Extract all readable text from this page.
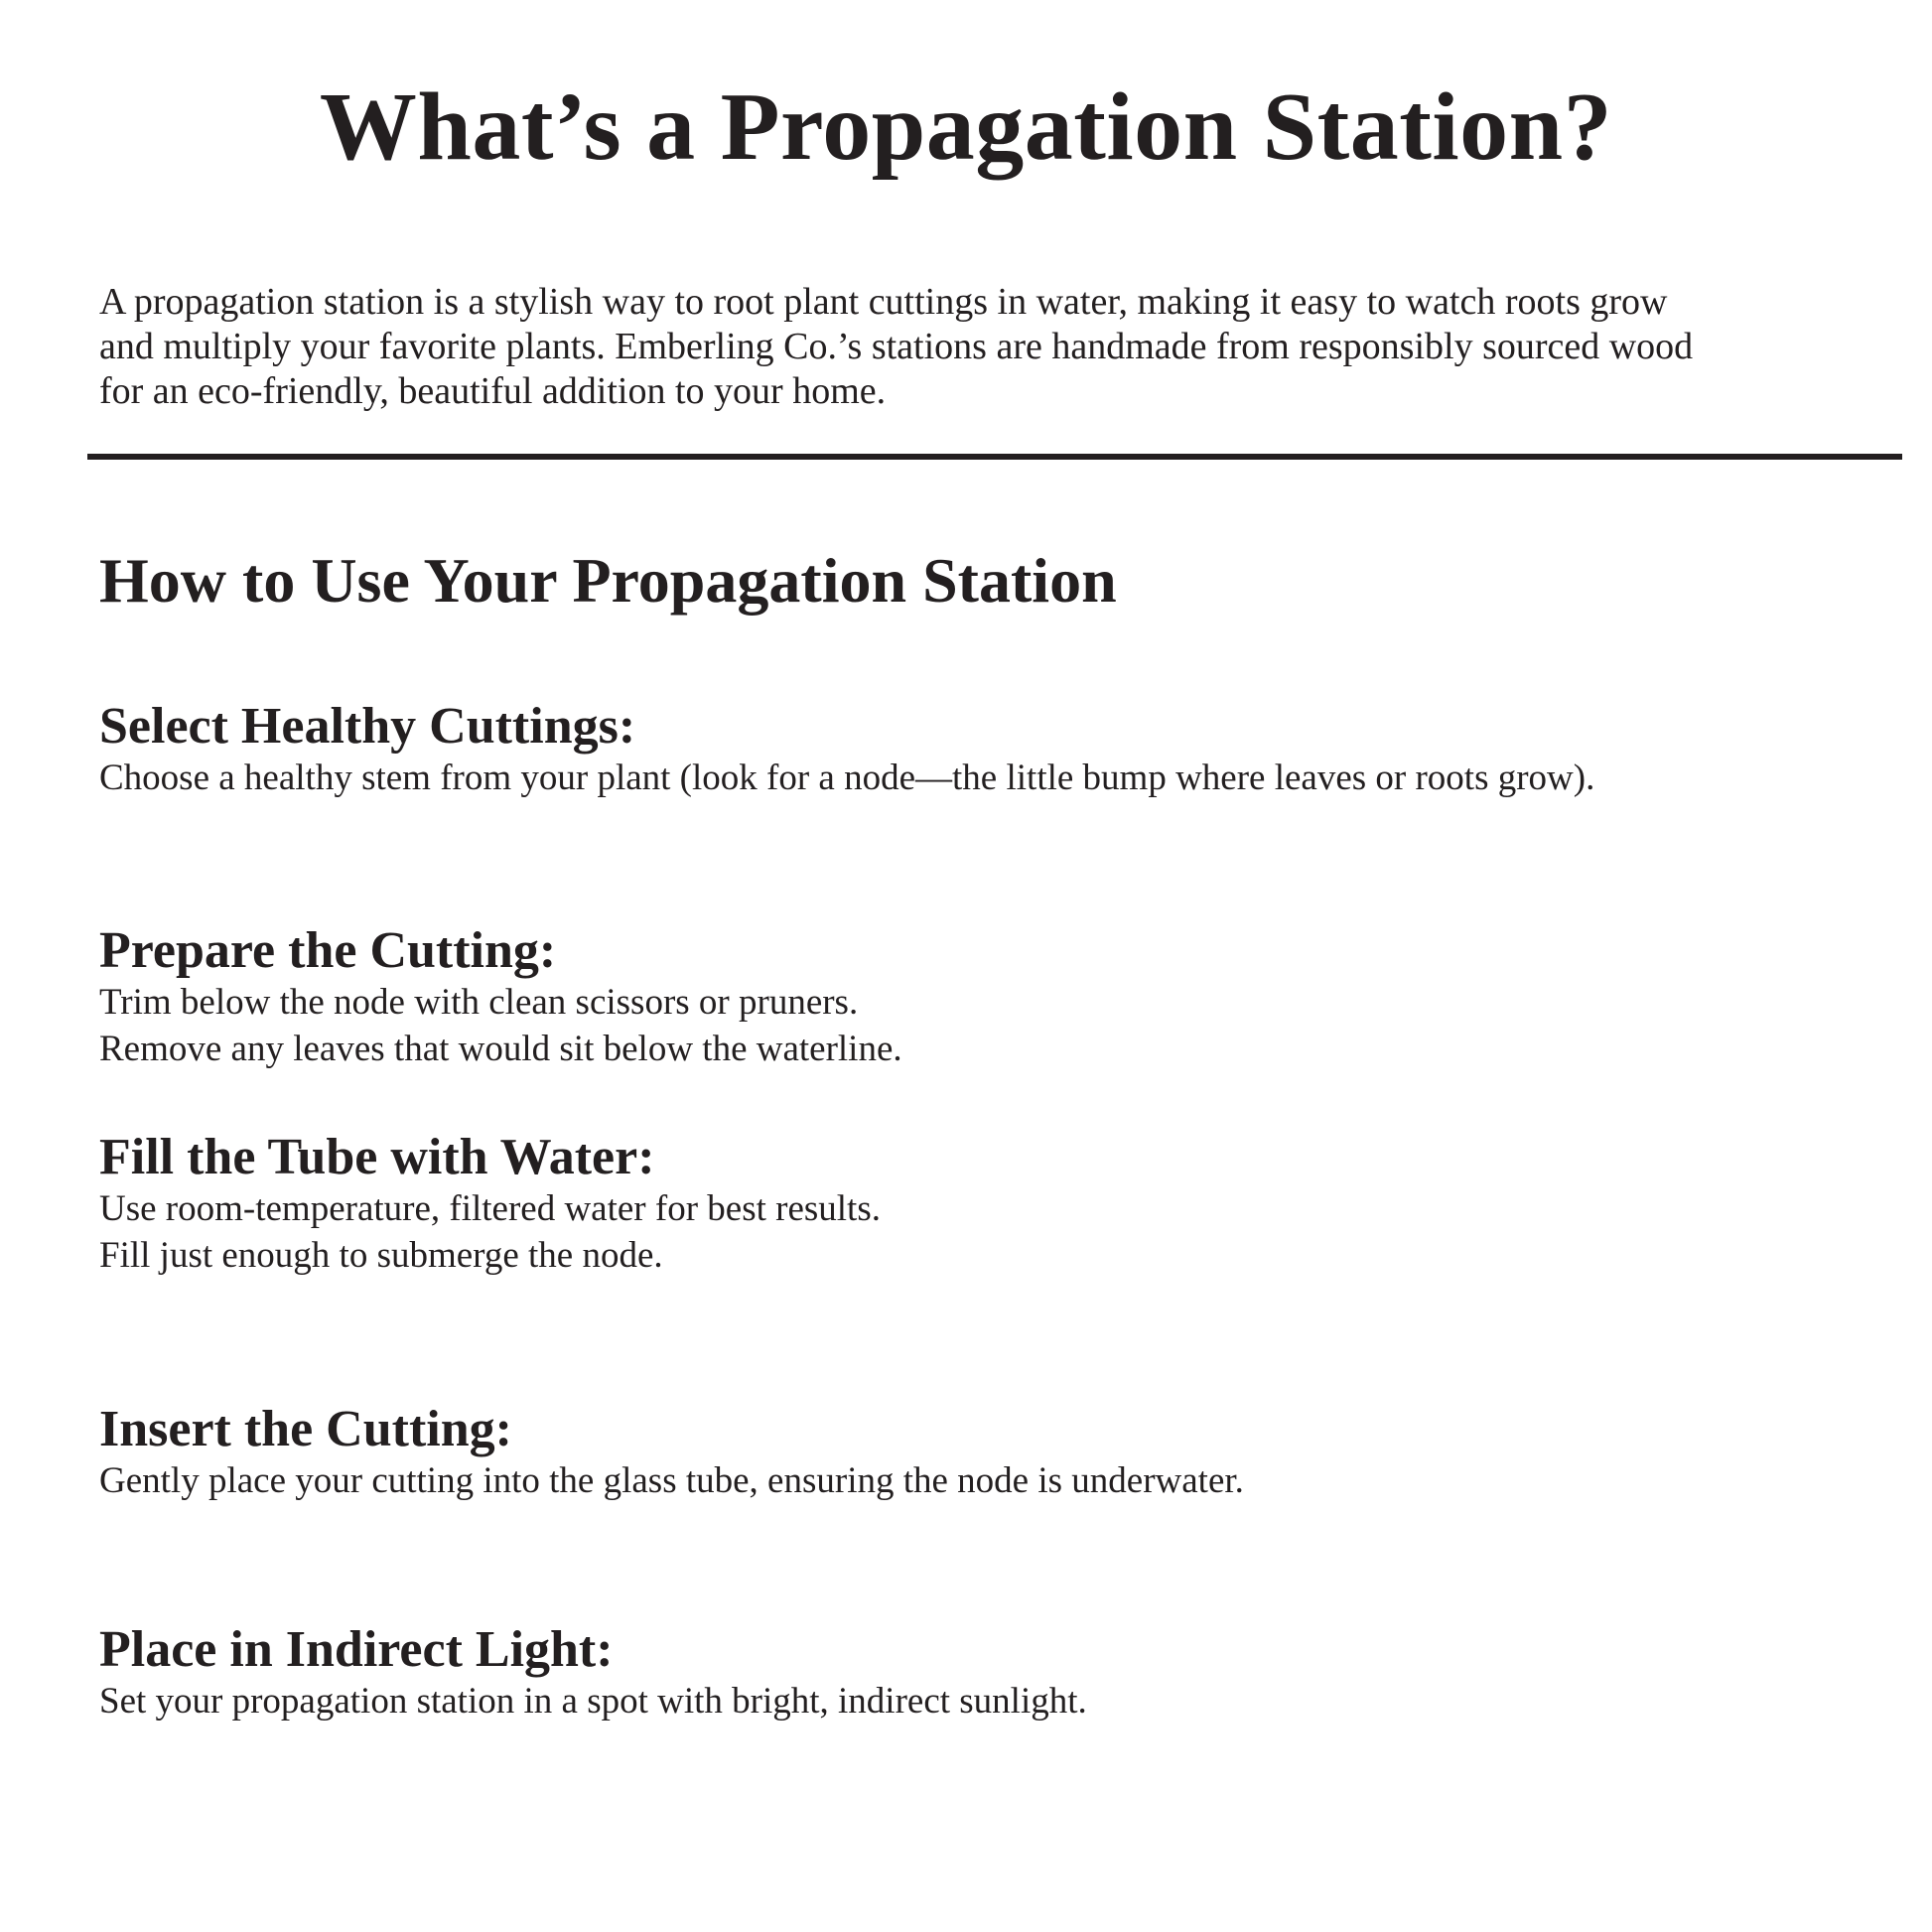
What’s a Propagation Station?
A propagation station is a stylish way to root plant cuttings in water, making it easy to watch roots grow
and multiply your favorite plants. Emberling Co.’s stations are handmade from responsibly sourced wood
for an eco-friendly, beautiful addition to your home.
How to Use Your Propagation Station
Select Healthy Cuttings:

Choose a healthy stem from your plant (look for a node—the little bump where leaves or roots grow).

Prepare the Cutting:

Trim below the node with clean scissors or pruners.

Remove any leaves that would sit below the waterline.

Fill the Tube with Water:

Use room-temperature, filtered water for best results.

Fill just enough to submerge the node.

Insert the Cutting:

Gently place your cutting into the glass tube, ensuring the node is underwater.

Place in Indirect Light:

Set your propagation station in a spot with bright, indirect sunlight.
